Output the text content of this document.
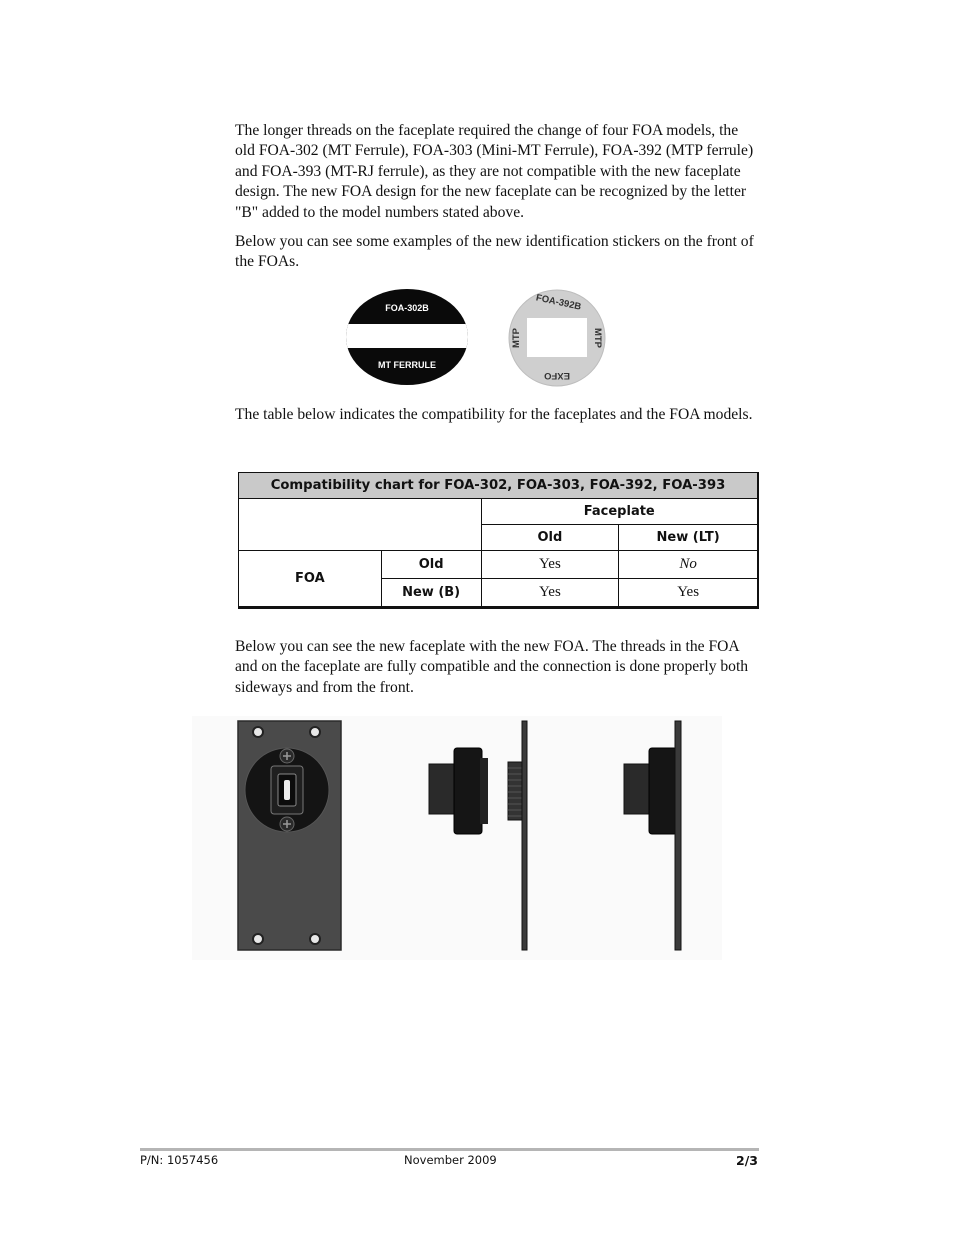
The longer threads on the faceplate required the change of four FOA models, the old FOA-302 (MT Ferrule), FOA-303 (Mini-MT Ferrule), FOA-392 (MTP ferrule) and FOA-393 (MT-RJ ferrule), as they are not compatible with the new faceplate design. The new FOA design for the new faceplate can be recognized by the letter "B" added to the model numbers stated above.

Below you can see some examples of the new identification stickers on the front of the FOAs.

FOA-302B
MT FERRULE
FOA-392B
MTP	MTP
EXFO

The table below indicates the compatibility for the faceplates and the FOA models.

Compatibility chart for FOA-302, FOA-303, FOA-392, FOA-393			
		Faceplate	
		Old	New (LT)
FOA	Old	Yes	No
	New (B)	Yes	Yes

Below you can see the new faceplate with the new FOA. The threads in the FOA and on the faceplate are fully compatible and the connection is done properly both sideways and from the front.

P/N: 1057456	November 2009	2/3
